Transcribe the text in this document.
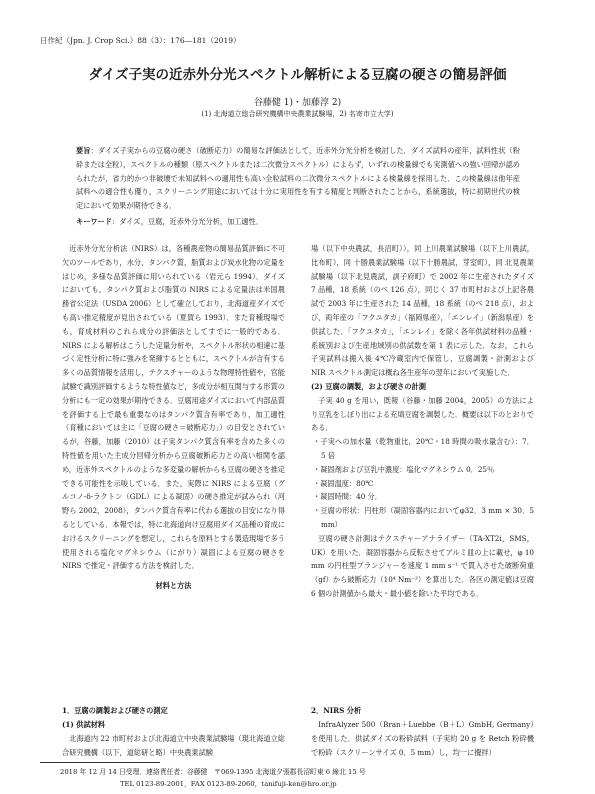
日作紀（Jpn. J. Crop Sci.）88（3）：176―181（2019）
ダイズ子実の近赤外分光スペクトル解析による豆腐の硬さの簡易評価
谷藤健 1)・加藤淳 2)
(1) 北海道立総合研究機構中央農業試験場，2) 名寄市立大学)
要旨：ダイズ子実からの豆腐の硬さ（破断応力）の簡易な評価法として，近赤外分光分析を検討した．ダイズ試料の産年，試料性状（粉砕または全粒），スペクトルの種類（原スペクトルまたは二次微分スペクトル）によらず，いずれの検量線でも実測値への強い回帰が認められたが，省力的かつ非破壊で未知試料への適用性も高い全粒試料の二次微分スペクトルによる検量線を採用した．この検量線は他年産試料への適合性も優り，スクリーニング用途においては十分に実用性を有する精度と判断されたことから，系統選抜，特に初期世代の検定において効果が期待できる．
キーワード：ダイズ，豆腐，近赤外分光分析，加工適性．

近赤外分光分析法（NIRS）は，各種農産物の簡易品質評価に不可欠のツールであり，水分，タンパク質，脂質および炭水化物の定量をはじめ，多様な品質評価に用いられている（岩元ら 1994）．ダイズにおいても，タンパク質および脂質の NIRS による定量法は米国農務省公定法（USDA 2006）として確立しており，北海道産ダイズでも高い推定精度が見出されている（夏賀ら 1993）．また育種現場でも，育成材料のこれら成分の評価法としてすでに一般的である．NIRS による解析はこうした定量分析や，スペクトル形状の相違に基づく定性分析に特に強みを発揮するとともに，スペクトルが含有する多くの品質情報を活用し，テクスチャーのような物理特性値や，官能試験で識別評価するような特性値など，多成分が相互関与する形質の分析にも一定の効果が期待できる．豆腐用途ダイズにおいて内部品質を評価する上で最も重要なのはタンパク質含有率であり，加工適性（育種においては主に「豆腐の硬さ＝破断応力」）の目安とされているが，谷藤，加藤（2010）は子実タンパク質含有率を含めた多くの特性値を用いた主成分回帰分析から豆腐破断応力との高い相関を認め，近赤外スペクトルのような多変量の解析からも豆腐の硬さを推定できる可能性を示唆している．また，実際に NIRS による豆腐（グルコノ‐δ‐ラクトン（GDL）による凝固）の硬さ推定が試みられ（河野ら 2002，2008），タンパク質含有率に代わる選抜の目安になり得るとしている．本報では，特に北海道向け豆腐用ダイズ品種の育成におけるスクリーニングを想定し，これらを原料とする製造現場で多う使用される塩化マグネシウム（にがり）凝固による豆腐の硬さを NIRS で推定・評価する方法を検討した．

材料と方法

1．豆腐の調製および硬さの測定

場（以下中央農試，長沼町）），同 上川農業試験場（以下上川農試，比布町），同 十勝農業試験場（以下十勝農試，芽室町），同 北見農業試験場（以下北見農試，訓子府町）で 2002 年に生産されたダイズ 7 品種，18 系統（のべ 126 点），同じく 37 市町村および上記各農試で 2003 年に生産された 14 品種，18 系統（のべ 218 点），および，両年産の「フクユタカ」（福岡県産），「エンレイ」（新潟県産）を供試した．「フクユタカ」，「エンレイ」を除く各年供試材料の品種・系統別および生産地域別の供試数を第 1 表に示した．なお，これら子実試料は搬入後 4℃冷蔵室内で保管し，豆腐調製・計測および NIR スペクトル測定は概ね各生産年の翌年において実施した．

(2) 豆腐の調製，および硬さの計測

子実 40 g を用い，既報（谷藤・加藤 2004，2005）の方法により豆乳をしぼり出による充填豆腐を調製した．概要は以下のとおりである．

・子実への加水量（乾物重比，20℃・18 時間の吸水量含む）：7．5 倍
・凝固剤および豆乳中濃度：塩化マグネシウム 0．25％
・凝固温度：80℃
・凝固時間：40 分．
・豆腐の形状：円柱形（凝固容器内においてφ32．3 mm × 30．5 mm）

豆腐の硬さ計測はテクスチャーアナライザー（TA-XT2i，SMS，UK）を用いた．凝固容器から反転させてアルミ皿の上に載せ，φ 10 mm の円柱型プランジャーを速度 1 mm s⁻¹ で貫入させた破断荷重（gf）から破断応力（10⁴ Nm⁻²）を算出した．各区の測定値は豆腐 6 個の計測値から最大・最小値を除いた平均である．

2．NIRS 分析

(1) 供試材料

北海道内 22 市町村および北海道立中央農業試験場（現北海道立総合研究機構（以下，道総研と略）中央農業試験

InfraAlyzer 500（Bran＋Luebbe（B＋L）GmbH, Germany）を使用した．供試ダイズの粉砕試料（子実約 20 g を Retch 粉砕機で粉砕（スクリーンサイズ 0．5 mm）し，均一に攪拌）

2018 年 12 月 14 日受理．連絡責任者：谷藤健　〒069-1395 北海道夕張郡長沼町東 6 線北 15 号
TEL 0123-89-2001，FAX 0123-89-2060，tanifuji-ken@hro.or.jp
